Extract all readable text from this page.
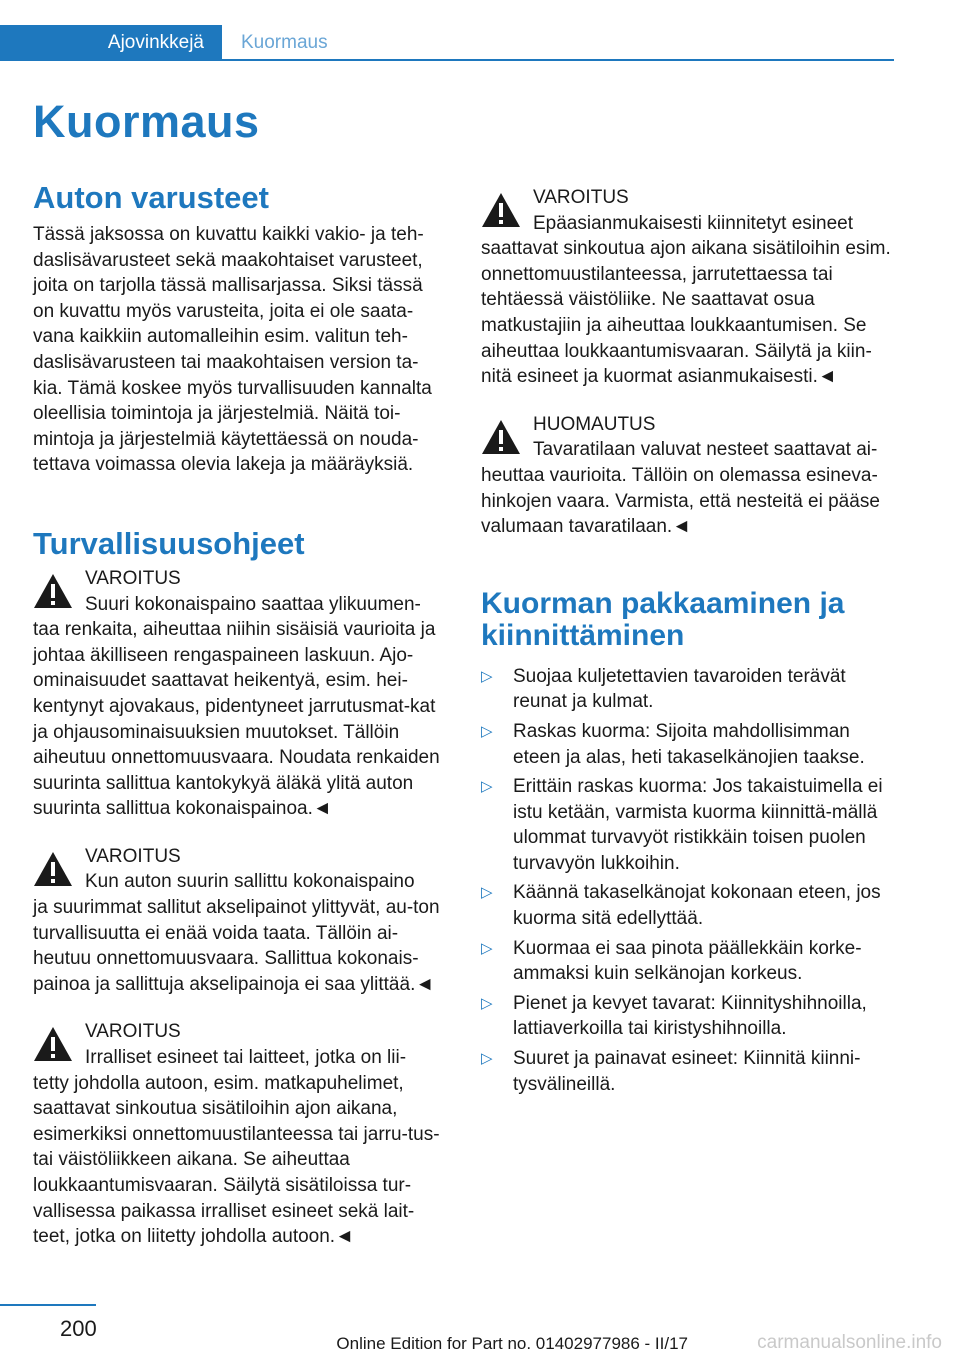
Ajovinkkejä	Kuormaus
Kuormaus
Auton varusteet

Tässä jaksossa on kuvattu kaikki vakio- ja teh-daslisävarusteet sekä maakohtaiset varusteet, joita on tarjolla tässä mallisarjassa. Siksi tässä on kuvattu myös varusteita, joita ei ole saata-vana kaikkiin automalleihin esim. valitun teh-daslisävarusteen tai maakohtaisen version ta-kia. Tämä koskee myös turvallisuuden kannalta oleellisia toimintoja ja järjestelmiä. Näitä toi-mintoja ja järjestelmiä käytettäessä on nouda-tettava voimassa olevia lakeja ja määräyksiä.

Turvallisuusohjeet
VAROITUS
Suuri kokonaispaino saattaa ylikuumen-
taa renkaita, aiheuttaa niihin sisäisiä vaurioita ja johtaa äkilliseen rengaspaineen laskuun. Ajo-ominaisuudet saattavat heikentyä, esim. hei-kentynyt ajovakaus, pidentyneet jarrutusmat-kat ja ohjausominaisuuksien muutokset. Tällöin aiheutuu onnettomuusvaara. Noudata renkaiden suurinta sallittua kantokykyä äläkä ylitä auton suurinta sallittua kokonaispainoa.◄
VAROITUS
Kun auton suurin sallittu kokonaispaino
ja suurimmat sallitut akselipainot ylittyvät, au-ton turvallisuutta ei enää voida taata. Tällöin ai-heutuu onnettomuusvaara. Sallittua kokonais-painoa ja sallittuja akselipainoja ei saa ylittää.◄
VAROITUS
Irralliset esineet tai laitteet, jotka on lii-
tetty johdolla autoon, esim. matkapuhelimet, saattavat sinkoutua sisätiloihin ajon aikana, esimerkiksi onnettomuustilanteessa tai jarru-tus- tai väistöliikkeen aikana. Se aiheuttaa loukkaantumisvaaran. Säilytä sisätiloissa tur-vallisessa paikassa irralliset esineet sekä lait-teet, jotka on liitetty johdolla autoon.◄
VAROITUS
Epäasianmukaisesti kiinnitetyt esineet
saattavat sinkoutua ajon aikana sisätiloihin esim. onnettomuustilanteessa, jarrutettaessa tai tehtäessä väistöliike. Ne saattavat osua matkustajiin ja aiheuttaa loukkaantumisen. Se aiheuttaa loukkaantumisvaaran. Säilytä ja kiin-nitä esineet ja kuormat asianmukaisesti.◄
HUOMAUTUS
Tavaratilaan valuvat nesteet saattavat ai-
heuttaa vaurioita. Tällöin on olemassa esineva-hinkojen vaara. Varmista, että nesteitä ei pääse valumaan tavaratilaan.◄
Kuorman pakkaaminen ja kiinnittäminen
▷	Suojaa kuljetettavien tavaroiden terävät reunat ja kulmat.
▷	Raskas kuorma: Sijoita mahdollisimman eteen ja alas, heti takaselkänojien taakse.
▷	Erittäin raskas kuorma: Jos takaistuimella ei istu ketään, varmista kuorma kiinnittä-mällä ulommat turvavyöt ristikkäin toisen puolen turvavyön lukkoihin.
▷	Käännä takaselkänojat kokonaan eteen, jos kuorma sitä edellyttää.
▷	Kuormaa ei saa pinota päällekkäin korke-ammaksi kuin selkänojan korkeus.
▷	Pienet ja kevyet tavarat: Kiinnityshihnoilla, lattiaverkoilla tai kiristyshihnoilla.
▷	Suuret ja painavat esineet: Kiinnitä kiinni-tysvälineillä.
200
Online Edition for Part no. 01402977986 - II/17	carmanualsonline.info
